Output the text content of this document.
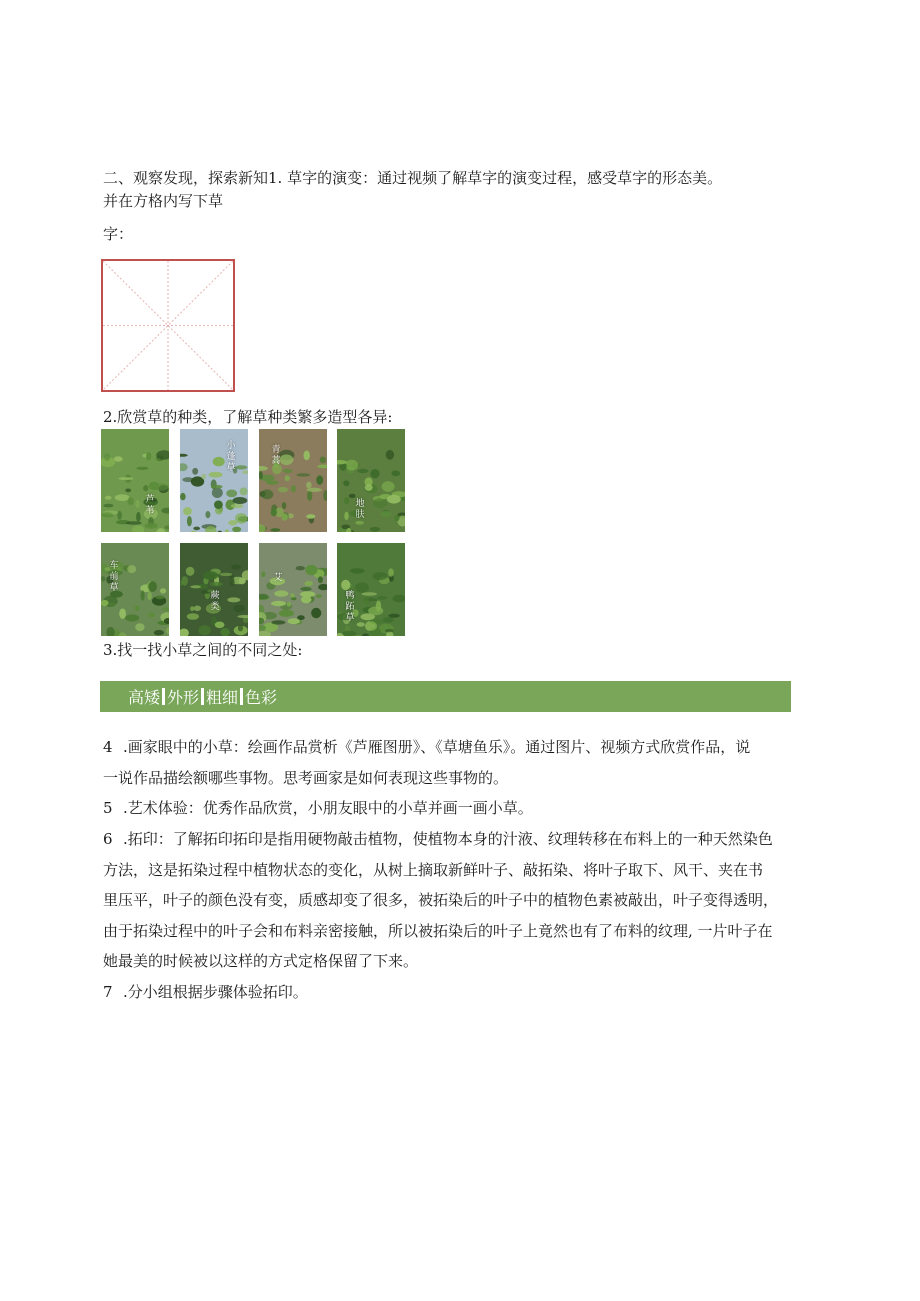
二、观察发现，探索新知1. 草字的演变：通过视频了解草字的演变过程，感受草字的形态美。
并在方格内写下草
字：
2.欣赏草的种类，了解草种类繁多造型各异:
芦苇
小蓬草
青蒿
地肤
车前草
蕨类
艾
鸭跖草
3.找一找小草之间的不同之处:
高矮 外形 粗细 色彩
4 .画家眼中的小草：绘画作品赏析《芦雁图册》、《草塘鱼乐》。通过图片、视频方式欣赏作品，说
一说作品描绘额哪些事物。思考画家是如何表现这些事物的。
5 .艺术体验：优秀作品欣赏，小朋友眼中的小草并画一画小草。
6 .拓印：了解拓印拓印是指用硬物敲击植物，使植物本身的汁液、纹理转移在布料上的一种天然染色
方法，这是拓染过程中植物状态的变化，从树上摘取新鲜叶子、敲拓染、将叶子取下、风干、夹在书
里压平，叶子的颜色没有变，质感却变了很多，被拓染后的叶子中的植物色素被敲出，叶子变得透明，
由于拓染过程中的叶子会和布料亲密接触，所以被拓染后的叶子上竟然也有了布料的纹理, 一片叶子在
她最美的时候被以这样的方式定格保留了下来。
7 .分小组根据步骤体验拓印。
